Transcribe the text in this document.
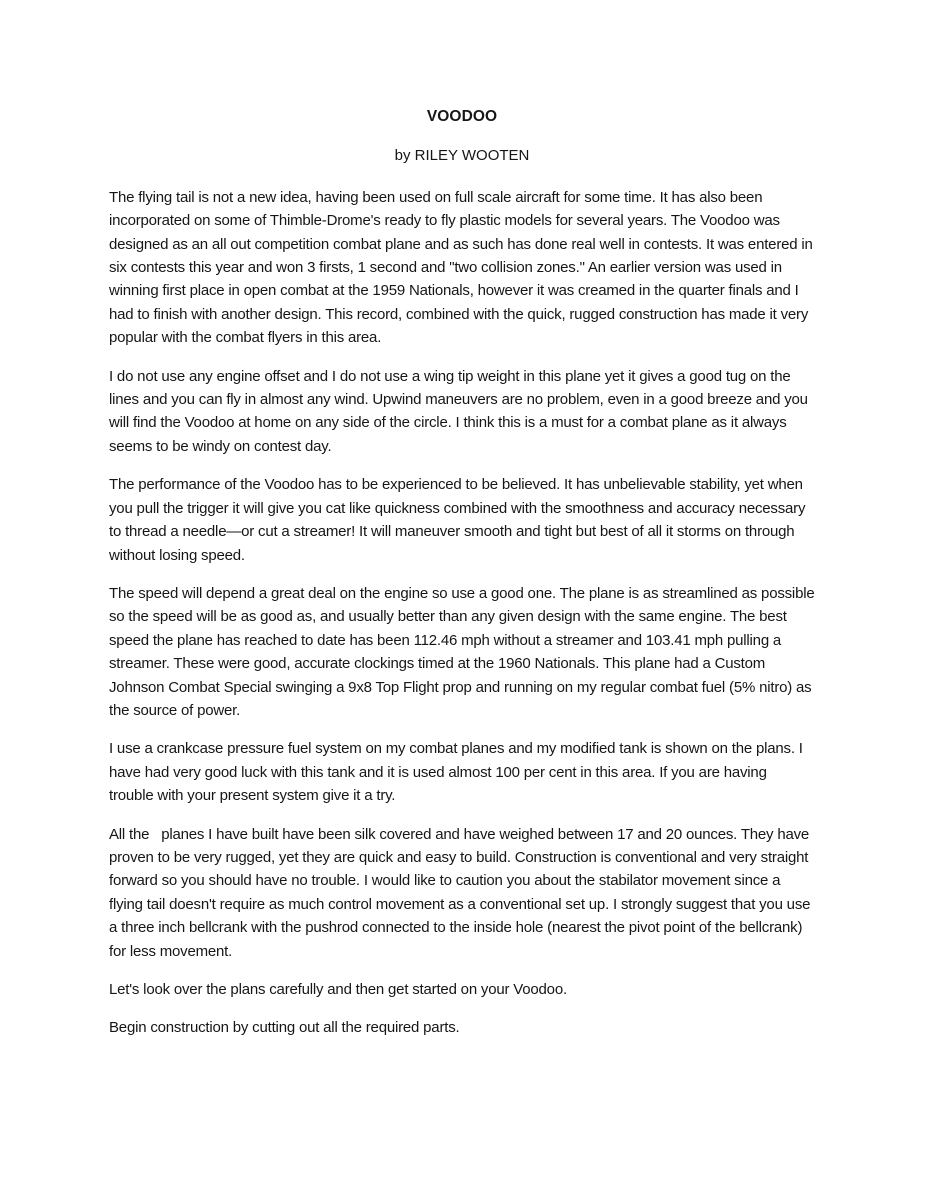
VOODOO

by RILEY WOOTEN

The flying tail is not a new idea, having been used on full scale aircraft for some time. It has also been incorporated on some of Thimble-Drome's ready to fly plastic models for several years. The Voodoo was designed as an all out competition combat plane and as such has done real well in contests. It was entered in six contests this year and won 3 firsts, 1 second and "two collision zones." An earlier version was used in winning first place in open combat at the 1959 Nationals, however it was creamed in the quarter finals and I had to finish with another design. This record, combined with the quick, rugged construction has made it very popular with the combat flyers in this area.

I do not use any engine offset and I do not use a wing tip weight in this plane yet it gives a good tug on the lines and you can fly in almost any wind. Upwind maneuvers are no problem, even in a good breeze and you will find the Voodoo at home on any side of the circle. I think this is a must for a combat plane as it always seems to be windy on contest day.

The performance of the Voodoo has to be experienced to be believed. It has unbelievable stability, yet when you pull the trigger it will give you cat like quickness combined with the smoothness and accuracy necessary to thread a needle—or cut a streamer! It will maneuver smooth and tight but best of all it storms on through without losing speed.

The speed will depend a great deal on the engine so use a good one. The plane is as streamlined as possible so the speed will be as good as, and usually better than any given design with the same engine. The best speed the plane has reached to date has been 112.46 mph without a streamer and 103.41 mph pulling a streamer. These were good, accurate clockings timed at the 1960 Nationals. This plane had a Custom Johnson Combat Special swinging a 9x8 Top Flight prop and running on my regular combat fuel (5% nitro) as the source of power.

I use a crankcase pressure fuel system on my combat planes and my modified tank is shown on the plans. I have had very good luck with this tank and it is used almost 100 per cent in this area. If you are having trouble with your present system give it a try.

All the   planes I have built have been silk covered and have weighed between 17 and 20 ounces. They have proven to be very rugged, yet they are quick and easy to build. Construction is conventional and very straight forward so you should have no trouble. I would like to caution you about the stabilator movement since a flying tail doesn't require as much control movement as a conventional set up. I strongly suggest that you use a three inch bellcrank with the pushrod connected to the inside hole (nearest the pivot point of the bellcrank) for less movement.

Let's look over the plans carefully and then get started on your Voodoo.

Begin construction by cutting out all the required parts.
